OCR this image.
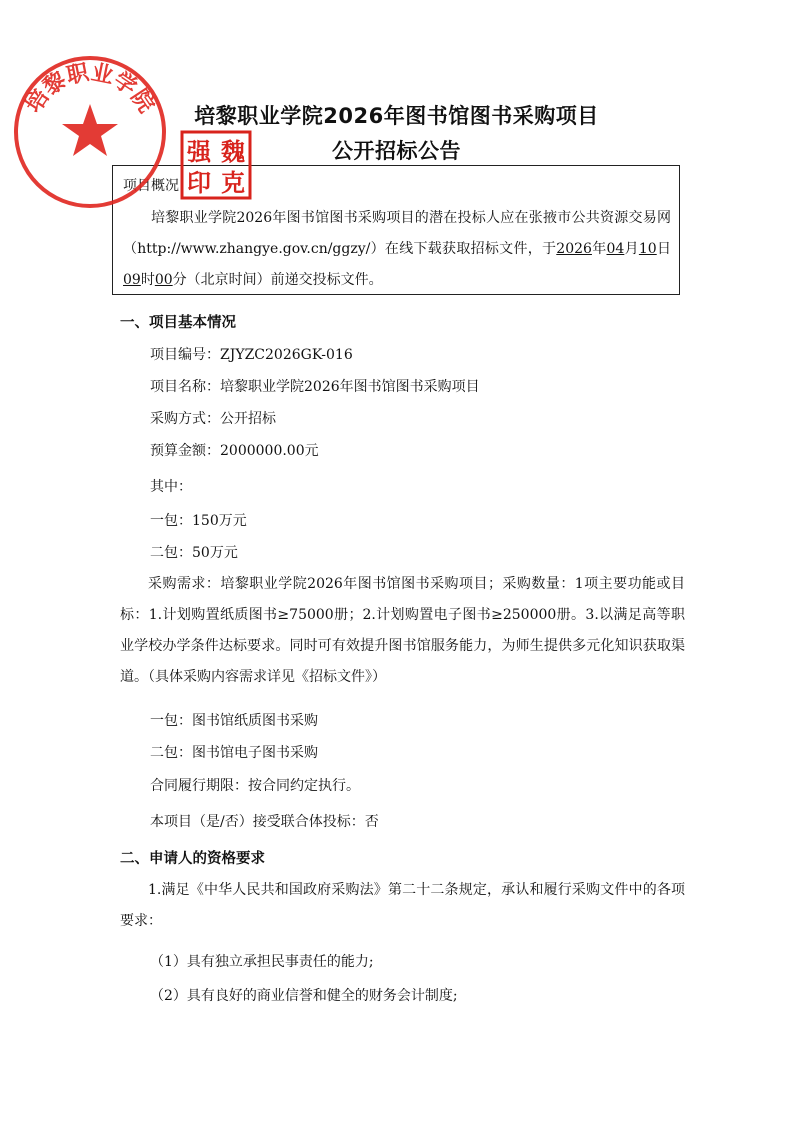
培黎职业学院2026年图书馆图书采购项目
公开招标公告
项目概况
培黎职业学院2026年图书馆图书采购项目的潜在投标人应在张掖市公共资源交易网（http://www.zhangye.gov.cn/ggzy/）在线下载获取招标文件，于2026年04月10日09时00分（北京时间）前递交投标文件。
一、项目基本情况
项目编号：ZJYZC2026GK-016
项目名称：培黎职业学院2026年图书馆图书采购项目
采购方式：公开招标
预算金额：2000000.00元
其中：
一包：150万元
二包：50万元
采购需求：培黎职业学院2026年图书馆图书采购项目；采购数量：1项主要功能或目标：1.计划购置纸质图书≥75000册；2.计划购置电子图书≥250000册。3.以满足高等职业学校办学条件达标要求。同时可有效提升图书馆服务能力，为师生提供多元化知识获取渠道。（具体采购内容需求详见《招标文件》）
一包：图书馆纸质图书采购
二包：图书馆电子图书采购
合同履行期限：按合同约定执行。
本项目（是/否）接受联合体投标：否
二、申请人的资格要求
1.满足《中华人民共和国政府采购法》第二十二条规定，承认和履行采购文件中的各项要求：
（1）具有独立承担民事责任的能力;
（2）具有良好的商业信誉和健全的财务会计制度;
培黎职业学院
强 魏
印 克
